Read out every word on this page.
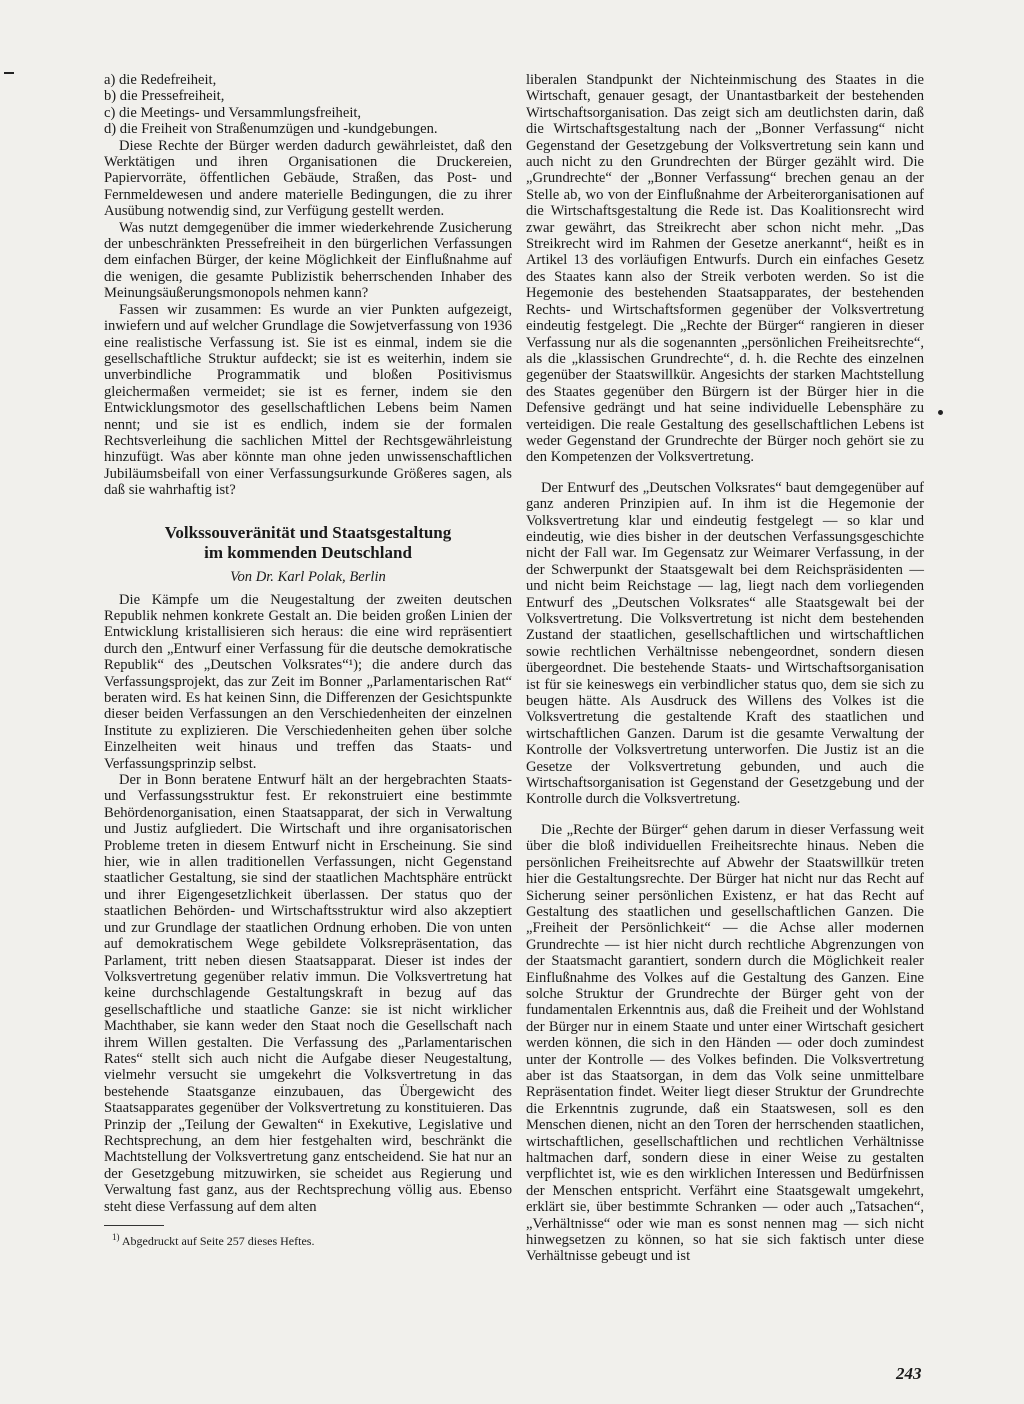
a) die Redefreiheit,
b) die Pressefreiheit,
c) die Meetings- und Versammlungsfreiheit,
d) die Freiheit von Straßenumzügen und -kundgebungen.

Diese Rechte der Bürger werden dadurch gewährleistet, daß den Werktätigen und ihren Organisationen die Druckereien, Papiervorräte, öffentlichen Gebäude, Straßen, das Post- und Fernmeldewesen und andere materielle Bedingungen, die zu ihrer Ausübung notwendig sind, zur Verfügung gestellt werden.

Was nutzt demgegenüber die immer wiederkehrende Zusicherung der unbeschränkten Pressefreiheit in den bürgerlichen Verfassungen dem einfachen Bürger, der keine Möglichkeit der Einflußnahme auf die wenigen, die gesamte Publizistik beherrschenden Inhaber des Meinungsäußerungsmonopols nehmen kann?

Fassen wir zusammen: Es wurde an vier Punkten aufgezeigt, inwiefern und auf welcher Grundlage die Sowjetverfassung von 1936 eine realistische Verfassung ist. Sie ist es einmal, indem sie die gesellschaftliche Struktur aufdeckt; sie ist es weiterhin, indem sie unverbindliche Programmatik und bloßen Positivismus gleichermaßen vermeidet; sie ist es ferner, indem sie den Entwicklungsmotor des gesellschaftlichen Lebens beim Namen nennt; und sie ist es endlich, indem sie der formalen Rechtsverleihung die sachlichen Mittel der Rechtsgewährleistung hinzufügt. Was aber könnte man ohne jeden unwissenschaftlichen Jubiläumsbeifall von einer Verfassungsurkunde Größeres sagen, als daß sie wahrhaftig ist?

Volkssouveränität und Staatsgestaltung
im kommenden Deutschland
Von Dr. Karl Polak, Berlin

Die Kämpfe um die Neugestaltung der zweiten deutschen Republik nehmen konkrete Gestalt an. Die beiden großen Linien der Entwicklung kristallisieren sich heraus: die eine wird repräsentiert durch den „Entwurf einer Verfassung für die deutsche demokratische Republik“ des „Deutschen Volksrates“¹); die andere durch das Verfassungsprojekt, das zur Zeit im Bonner „Parlamentarischen Rat“ beraten wird. Es hat keinen Sinn, die Differenzen der Gesichtspunkte dieser beiden Verfassungen an den Verschiedenheiten der einzelnen Institute zu explizieren. Die Verschiedenheiten gehen über solche Einzelheiten weit hinaus und treffen das Staats- und Verfassungsprinzip selbst.

Der in Bonn beratene Entwurf hält an der hergebrachten Staats- und Verfassungsstruktur fest. Er rekonstruiert eine bestimmte Behördenorganisation, einen Staatsapparat, der sich in Verwaltung und Justiz aufgliedert. Die Wirtschaft und ihre organisatorischen Probleme treten in diesem Entwurf nicht in Erscheinung. Sie sind hier, wie in allen traditionellen Verfassungen, nicht Gegenstand staatlicher Gestaltung, sie sind der staatlichen Machtsphäre entrückt und ihrer Eigengesetzlichkeit überlassen. Der status quo der staatlichen Behörden- und Wirtschaftsstruktur wird also akzeptiert und zur Grundlage der staatlichen Ordnung erhoben. Die von unten auf demokratischem Wege gebildete Volksrepräsentation, das Parlament, tritt neben diesen Staatsapparat. Dieser ist indes der Volksvertretung gegenüber relativ immun. Die Volksvertretung hat keine durchschlagende Gestaltungskraft in bezug auf das gesellschaftliche und staatliche Ganze: sie ist nicht wirklicher Machthaber, sie kann weder den Staat noch die Gesellschaft nach ihrem Willen gestalten. Die Verfassung des „Parlamentarischen Rates“ stellt sich auch nicht die Aufgabe dieser Neugestaltung, vielmehr versucht sie umgekehrt die Volksvertretung in das bestehende Staatsganze einzubauen, das Übergewicht des Staatsapparates gegenüber der Volksvertretung zu konstituieren. Das Prinzip der „Teilung der Gewalten“ in Exekutive, Legislative und Rechtsprechung, an dem hier festgehalten wird, beschränkt die Machtstellung der Volksvertretung ganz entscheidend. Sie hat nur an der Gesetzgebung mitzuwirken, sie scheidet aus Regierung und Verwaltung fast ganz, aus der Rechtsprechung völlig aus. Ebenso steht diese Verfassung auf dem alten

$^{1)}$ Abgedruckt auf Seite 257 dieses Heftes.

liberalen Standpunkt der Nichteinmischung des Staates in die Wirtschaft, genauer gesagt, der Unantastbarkeit der bestehenden Wirtschaftsorganisation. Das zeigt sich am deutlichsten darin, daß die Wirtschaftsgestaltung nach der „Bonner Verfassung“ nicht Gegenstand der Gesetzgebung der Volksvertretung sein kann und auch nicht zu den Grundrechten der Bürger gezählt wird. Die „Grundrechte“ der „Bonner Verfassung“ brechen genau an der Stelle ab, wo von der Einflußnahme der Arbeiterorganisationen auf die Wirtschaftsgestaltung die Rede ist. Das Koalitionsrecht wird zwar gewährt, das Streikrecht aber schon nicht mehr. „Das Streikrecht wird im Rahmen der Gesetze anerkannt“, heißt es in Artikel 13 des vorläufigen Entwurfs. Durch ein einfaches Gesetz des Staates kann also der Streik verboten werden. So ist die Hegemonie des bestehenden Staatsapparates, der bestehenden Rechts- und Wirtschaftsformen gegenüber der Volksvertretung eindeutig festgelegt. Die „Rechte der Bürger“ rangieren in dieser Verfassung nur als die sogenannten „persönlichen Freiheitsrechte“, als die „klassischen Grundrechte“, d. h. die Rechte des einzelnen gegenüber der Staatswillkür. Angesichts der starken Machtstellung des Staates gegenüber den Bürgern ist der Bürger hier in die Defensive gedrängt und hat seine individuelle Lebensphäre zu verteidigen. Die reale Gestaltung des gesellschaftlichen Lebens ist weder Gegenstand der Grundrechte der Bürger noch gehört sie zu den Kompetenzen der Volksvertretung.

Der Entwurf des „Deutschen Volksrates“ baut demgegenüber auf ganz anderen Prinzipien auf. In ihm ist die Hegemonie der Volksvertretung klar und eindeutig festgelegt — so klar und eindeutig, wie dies bisher in der deutschen Verfassungsgeschichte nicht der Fall war. Im Gegensatz zur Weimarer Verfassung, in der der Schwerpunkt der Staatsgewalt bei dem Reichspräsidenten — und nicht beim Reichstage — lag, liegt nach dem vorliegenden Entwurf des „Deutschen Volksrates“ alle Staatsgewalt bei der Volksvertretung. Die Volksvertretung ist nicht dem bestehenden Zustand der staatlichen, gesellschaftlichen und wirtschaftlichen sowie rechtlichen Verhältnisse nebengeordnet, sondern diesen übergeordnet. Die bestehende Staats- und Wirtschaftsorganisation ist für sie keineswegs ein verbindlicher status quo, dem sie sich zu beugen hätte. Als Ausdruck des Willens des Volkes ist die Volksvertretung die gestaltende Kraft des staatlichen und wirtschaftlichen Ganzen. Darum ist die gesamte Verwaltung der Kontrolle der Volksvertretung unterworfen. Die Justiz ist an die Gesetze der Volksvertretung gebunden, und auch die Wirtschaftsorganisation ist Gegenstand der Gesetzgebung und der Kontrolle durch die Volksvertretung.

Die „Rechte der Bürger“ gehen darum in dieser Verfassung weit über die bloß individuellen Freiheitsrechte hinaus. Neben die persönlichen Freiheitsrechte auf Abwehr der Staatswillkür treten hier die Gestaltungsrechte. Der Bürger hat nicht nur das Recht auf Sicherung seiner persönlichen Existenz, er hat das Recht auf Gestaltung des staatlichen und gesellschaftlichen Ganzen. Die „Freiheit der Persönlichkeit“ — die Achse aller modernen Grundrechte — ist hier nicht durch rechtliche Abgrenzungen von der Staatsmacht garantiert, sondern durch die Möglichkeit realer Einflußnahme des Volkes auf die Gestaltung des Ganzen. Eine solche Struktur der Grundrechte der Bürger geht von der fundamentalen Erkenntnis aus, daß die Freiheit und der Wohlstand der Bürger nur in einem Staate und unter einer Wirtschaft gesichert werden können, die sich in den Händen — oder doch zumindest unter der Kontrolle — des Volkes befinden. Die Volksvertretung aber ist das Staatsorgan, in dem das Volk seine unmittelbare Repräsentation findet. Weiter liegt dieser Struktur der Grundrechte die Erkenntnis zugrunde, daß ein Staatswesen, soll es den Menschen dienen, nicht an den Toren der herrschenden staatlichen, wirtschaftlichen, gesellschaftlichen und rechtlichen Verhältnisse haltmachen darf, sondern diese in einer Weise zu gestalten verpflichtet ist, wie es den wirklichen Interessen und Bedürfnissen der Menschen entspricht. Verfährt eine Staatsgewalt umgekehrt, erklärt sie, über bestimmte Schranken — oder auch „Tatsachen“, „Verhältnisse“ oder wie man es sonst nennen mag — sich nicht hinwegsetzen zu können, so hat sie sich faktisch unter diese Verhältnisse gebeugt und ist

243
